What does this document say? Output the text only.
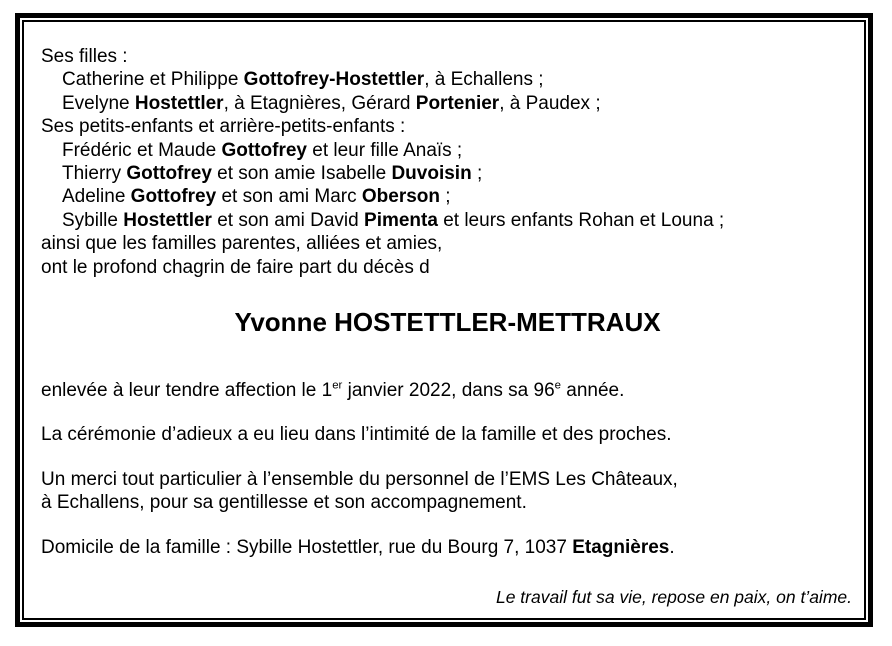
Ses filles :
Catherine et Philippe Gottofrey-Hostettler, à Echallens ;
Evelyne Hostettler, à Etagnières, Gérard Portenier, à Paudex ;
Ses petits-enfants et arrière-petits-enfants :
Frédéric et Maude Gottofrey et leur fille Anaïs ;
Thierry Gottofrey et son amie Isabelle Duvoisin ;
Adeline Gottofrey et son ami Marc Oberson ;
Sybille Hostettler et son ami David Pimenta et leurs enfants Rohan et Louna ;
ainsi que les familles parentes, alliées et amies,
ont le profond chagrin de faire part du décès d
Yvonne HOSTETTLER-METTRAUX

enlevée à leur tendre affection le 1er janvier 2022, dans sa 96e année.

La cérémonie d’adieux a eu lieu dans l’intimité de la famille et des proches.

Un merci tout particulier à l’ensemble du personnel de l’EMS Les Châteaux,
à Echallens, pour sa gentillesse et son accompagnement.

Domicile de la famille : Sybille Hostettler, rue du Bourg 7, 1037 Etagnières.

Le travail fut sa vie, repose en paix, on t’aime.
